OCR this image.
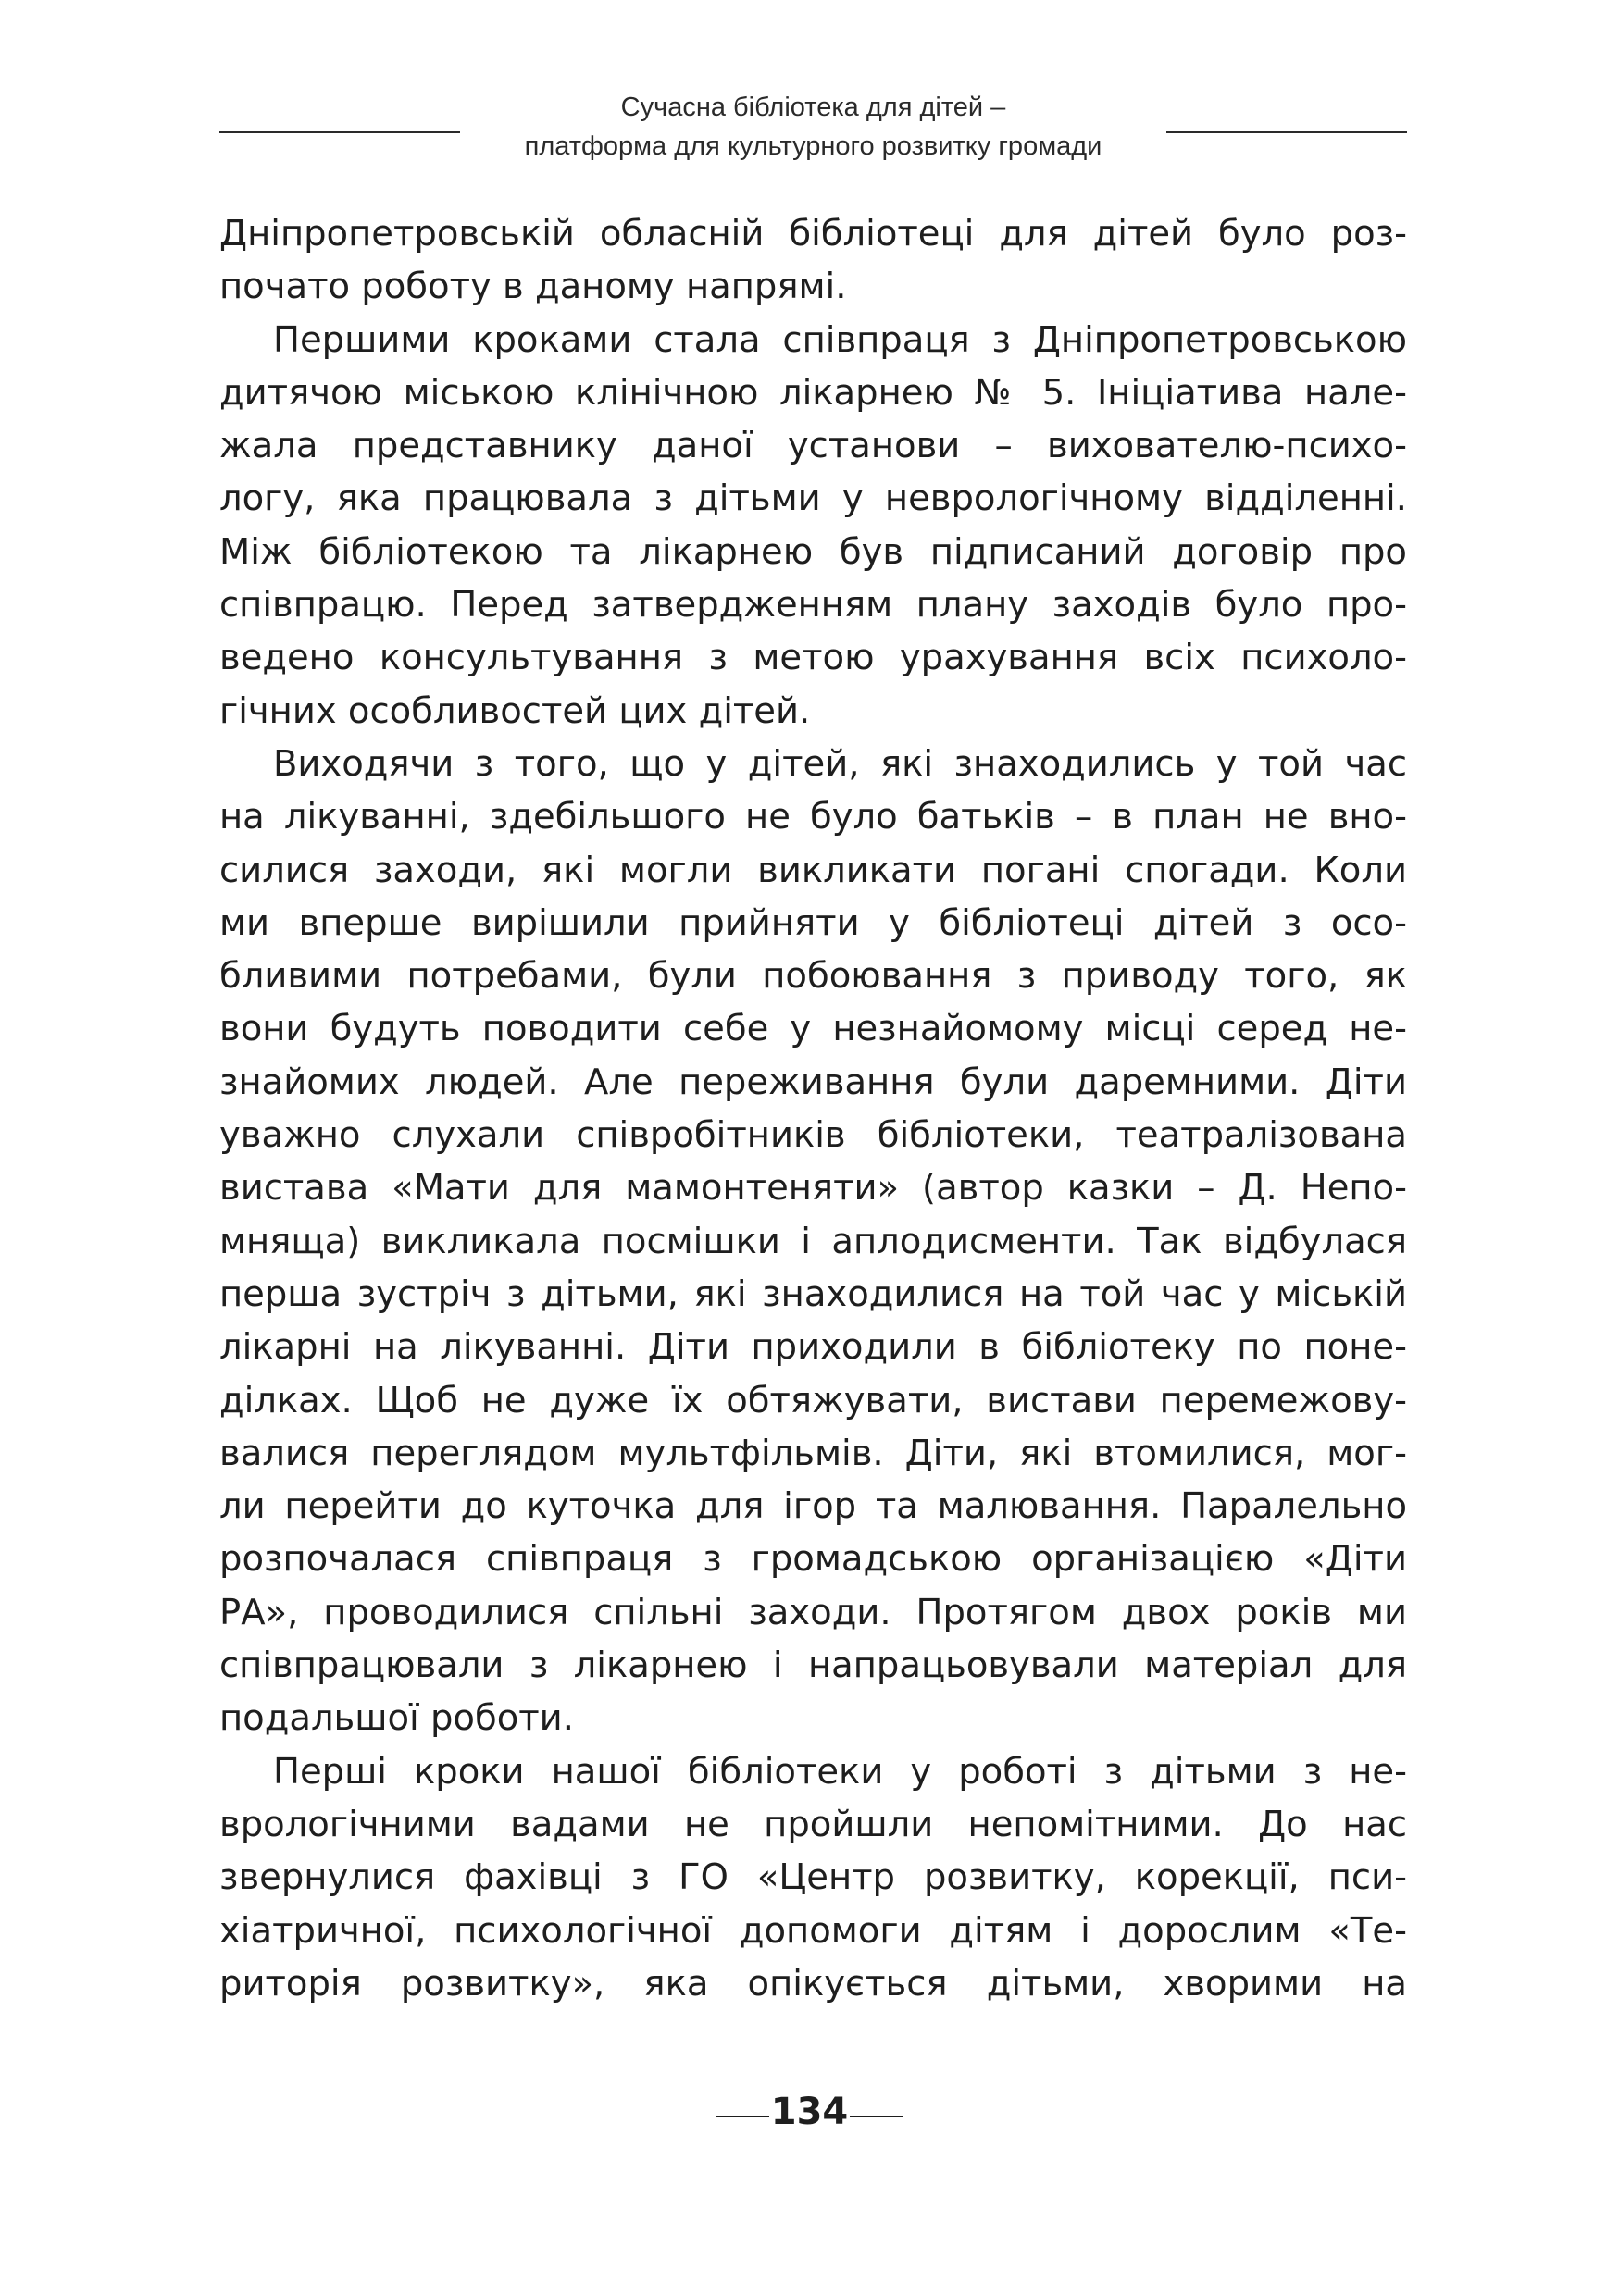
Сучасна бібліотека для дітей –
платформа для культурного розвитку громади

Дніпропетровській обласній бібліотеці для дітей було роз-
почато роботу в даному напрямі.

Першими кроками стала співпраця з Дніпропетровською
дитячою міською клінічною лікарнею № 5. Ініціатива нале-
жала представнику даної установи – вихователю-психо-
логу, яка працювала з дітьми у неврологічному відділенні.
Між бібліотекою та лікарнею був підписаний договір про
співпрацю. Перед затвердженням плану заходів було про-
ведено консультування з метою урахування всіх психоло-
гічних особливостей цих дітей.

Виходячи з того, що у дітей, які знаходились у той час
на лікуванні, здебільшого не було батьків – в план не вно-
силися заходи, які могли викликати погані спогади. Коли
ми вперше вирішили прийняти у бібліотеці дітей з осо-
бливими потребами, були побоювання з приводу того, як
вони будуть поводити себе у незнайомому місці серед не-
знайомих людей. Але переживання були даремними. Діти
уважно слухали співробітників бібліотеки, театралізована
вистава «Мати для мамонтеняти» (автор казки – Д. Непо-
мняща) викликала посмішки і аплодисменти. Так відбулася
перша зустріч з дітьми, які знаходилися на той час у міській
лікарні на лікуванні. Діти приходили в бібліотеку по поне-
ділках. Щоб не дуже їх обтяжувати, вистави перемежову-
валися переглядом мультфільмів. Діти, які втомилися, мог-
ли перейти до куточка для ігор та малювання. Паралельно
розпочалася співпраця з громадською організацією «Діти
РА», проводилися спільні заходи. Протягом двох років ми
співпрацювали з лікарнею і напрацьовували матеріал для
подальшої роботи.

Перші кроки нашої бібліотеки у роботі з дітьми з не-
врологічними вадами не пройшли непомітними. До нас
звернулися фахівці з ГО «Центр розвитку, корекції, пси-
хіатричної, психологічної допомоги дітям і дорослим «Те-
риторія розвитку», яка опікується дітьми, хворими на

134
